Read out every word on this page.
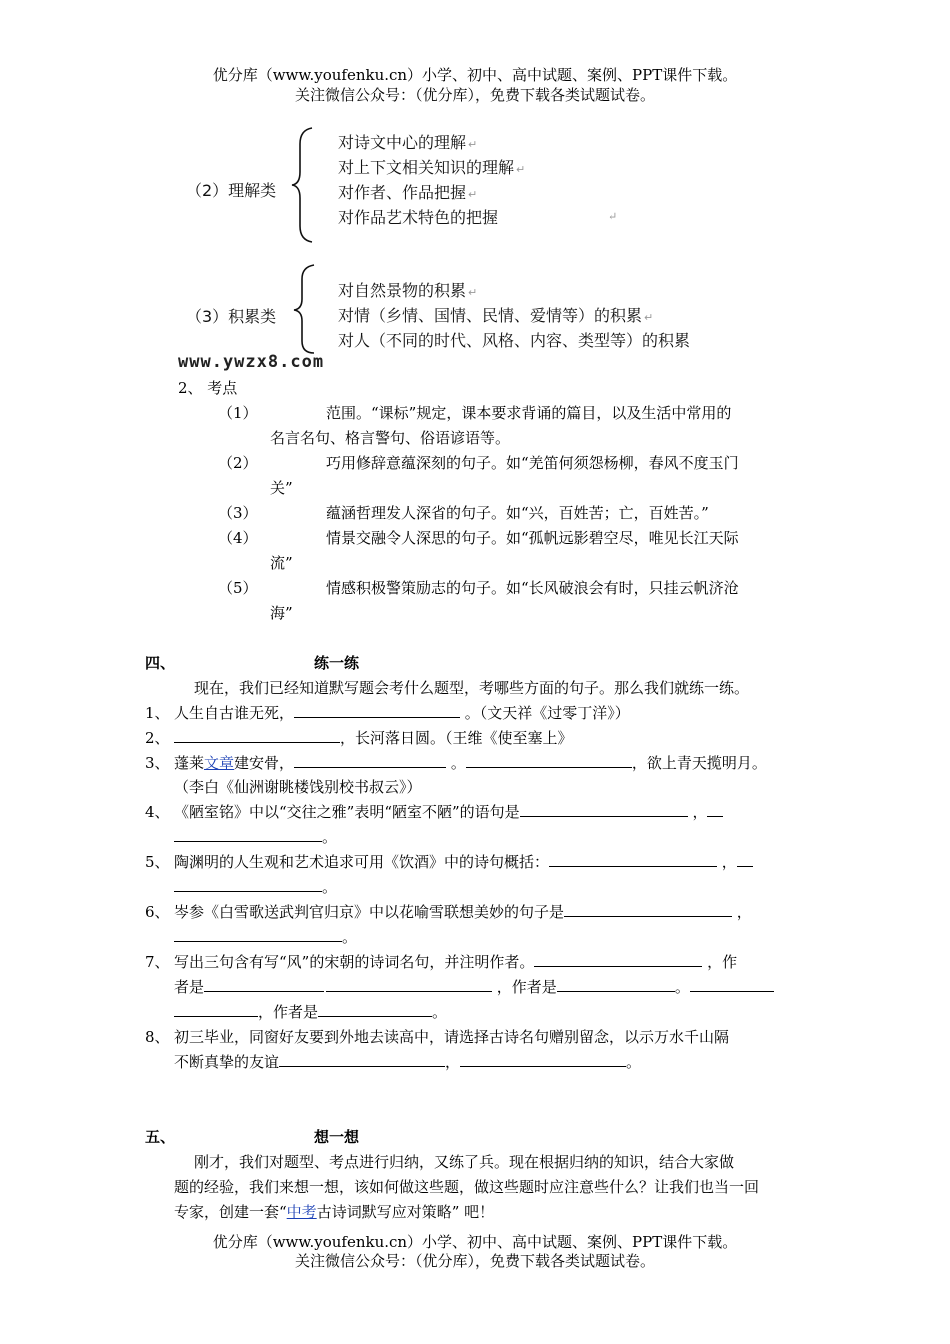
优分库（www.youfenku.cn）小学、初中、高中试题、案例、PPT课件下载。
关注微信公众号：（优分库），免费下载各类试题试卷。
（2）理解类
对诗文中心的理解 ↵
对上下文相关知识的理解 ↵
对作者、作品把握 ↵
对作品艺术特色的把握	↵
（3）积累类
对自然景物的积累 ↵
对情（乡情、国情、民情、爱情等）的积累 ↵
对人（不同的时代、风格、内容、类型等）的积累
www.ywzx8.com
2、 考点
（1）	范围。“课标”规定，课本要求背诵的篇目，以及生活中常用的
名言名句、格言警句、俗语谚语等。
（2）	巧用修辞意蕴深刻的句子。如“羌笛何须怨杨柳，春风不度玉门
关”
（3）	蕴涵哲理发人深省的句子。如“兴，百姓苦；亡，百姓苦。”
（4）	情景交融令人深思的句子。如“孤帆远影碧空尽，唯见长江天际
流”
（5）	情感积极警策励志的句子。如“长风破浪会有时，只挂云帆济沧
海”
四、	练一练
现在，我们已经知道默写题会考什么题型，考哪些方面的句子。那么我们就练一练。
1、 人生自古谁无死，	。（文天祥《过零丁洋》）
2、	，长河落日圆。（王维《使至塞上》
3、 蓬莱文章建安骨，	。	，欲上青天揽明月。
（李白《仙洲谢眺楼饯别校书叔云》）
4、 《陋室铭》中以“交往之雅”表明“陋室不陋”的语句是	，
。
5、 陶渊明的人生观和艺术追求可用《饮酒》中的诗句概括：	，
。
6、 岑参《白雪歌送武判官归京》中以花喻雪联想美妙的句子是	，
。
7、 写出三句含有写“风”的宋朝的诗词名句，并注明作者。	，作
者是	，作者是	。
，作者是	。
8、 初三毕业，同窗好友要到外地去读高中，请选择古诗名句赠别留念，以示万水千山隔
不断真挚的友谊	，	。
五、	想一想
刚才，我们对题型、考点进行归纳，又练了兵。现在根据归纳的知识，结合大家做
题的经验，我们来想一想，该如何做这些题，做这些题时应注意些什么？让我们也当一回
专家，创建一套“中考古诗词默写应对策略” 吧！
优分库（www.youfenku.cn）小学、初中、高中试题、案例、PPT课件下载。
关注微信公众号：（优分库），免费下载各类试题试卷。
